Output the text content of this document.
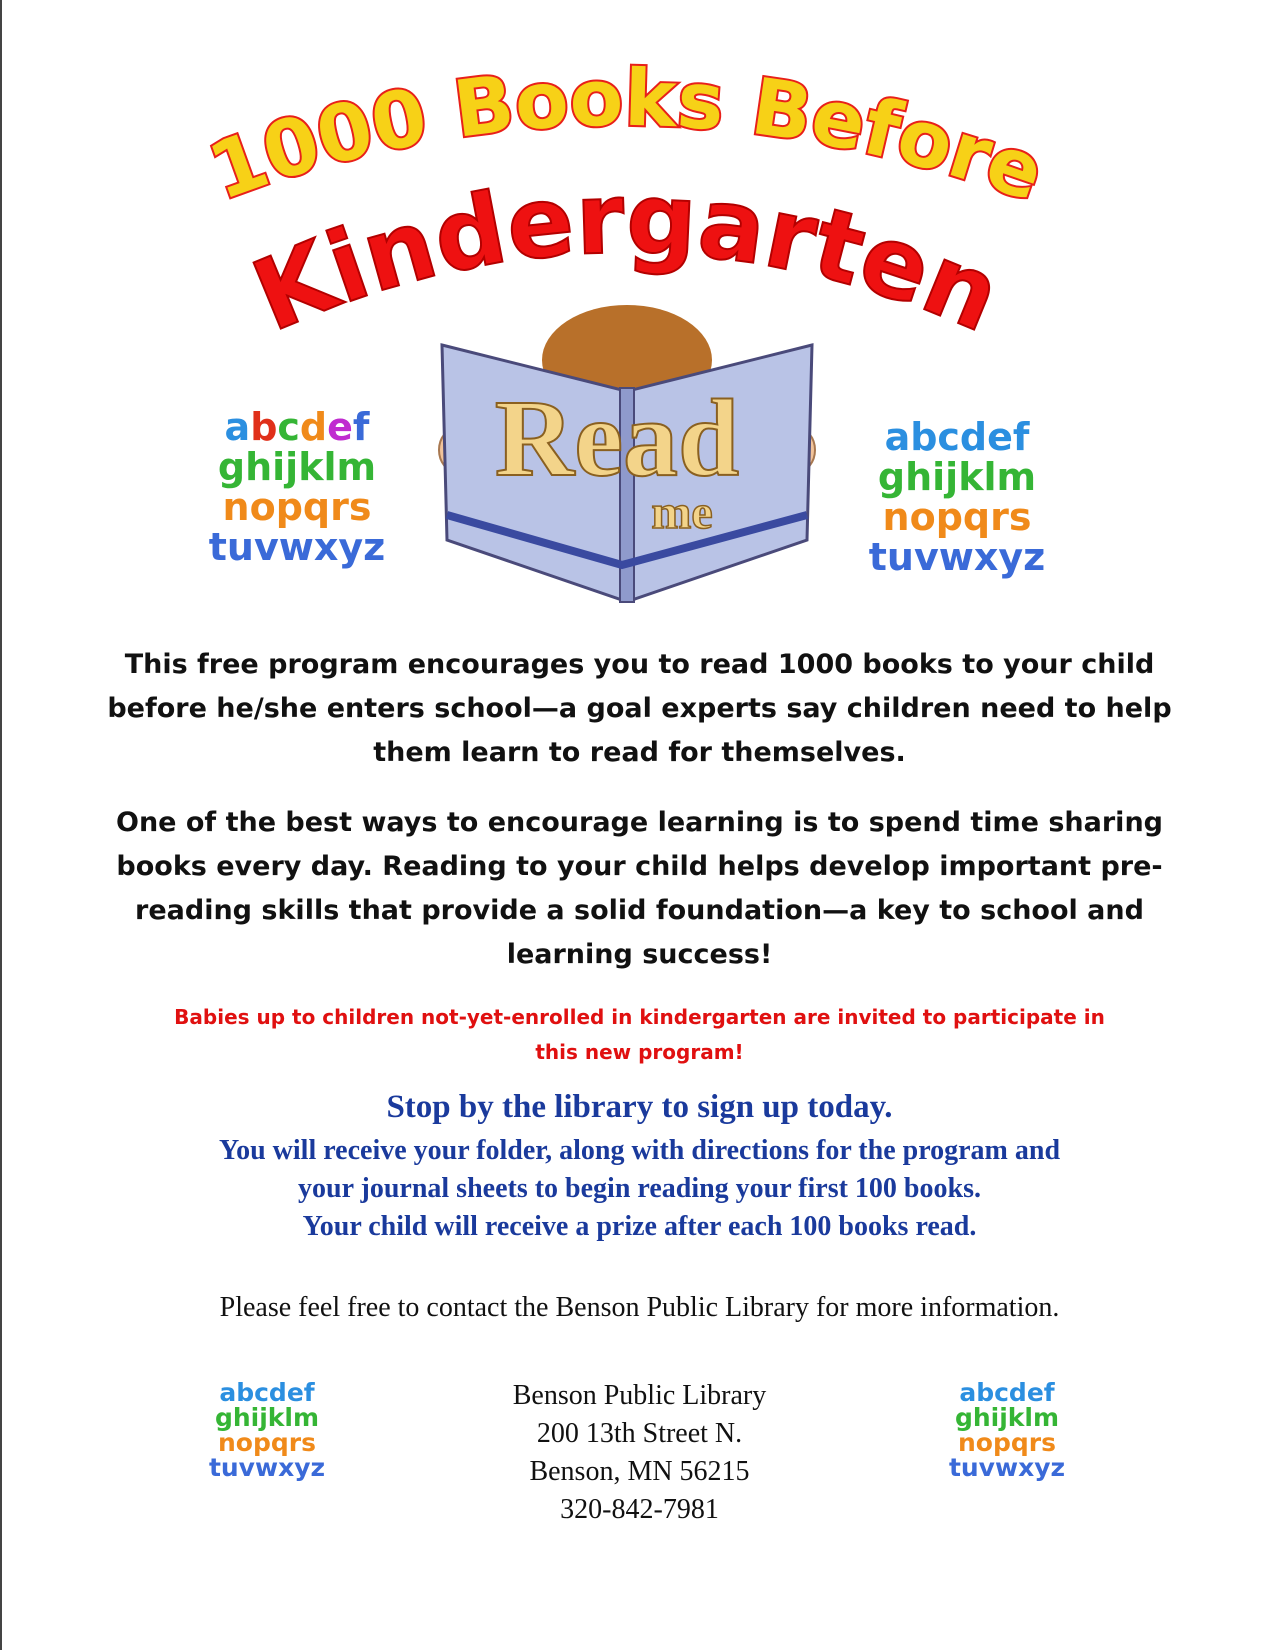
1000 Books Before
Kindergarten
abcdef
ghijklm
nopqrs
tuvwxyz
abcdef
ghijklm
nopqrs
tuvwxyz
Read
me

This free program encourages you to read 1000 books to your child before he/she enters school—a goal experts say children need to help them learn to read for themselves.

One of the best ways to encourage learning is to spend time sharing books every day. Reading to your child helps develop important pre-reading skills that provide a solid foundation—a key to school and learning success!

Babies up to children not-yet-enrolled in kindergarten are invited to participate in this new program!

Stop by the library to sign up today.
You will receive your folder, along with directions for the program and
your journal sheets to begin reading your first 100 books.
Your child will receive a prize after each 100 books read.

Please feel free to contact the Benson Public Library for more information.

abcdef
ghijklm
nopqrs
tuvwxyz
abcdef
ghijklm
nopqrs
tuvwxyz
Benson Public Library
200 13th Street N.
Benson, MN 56215
320-842-7981
